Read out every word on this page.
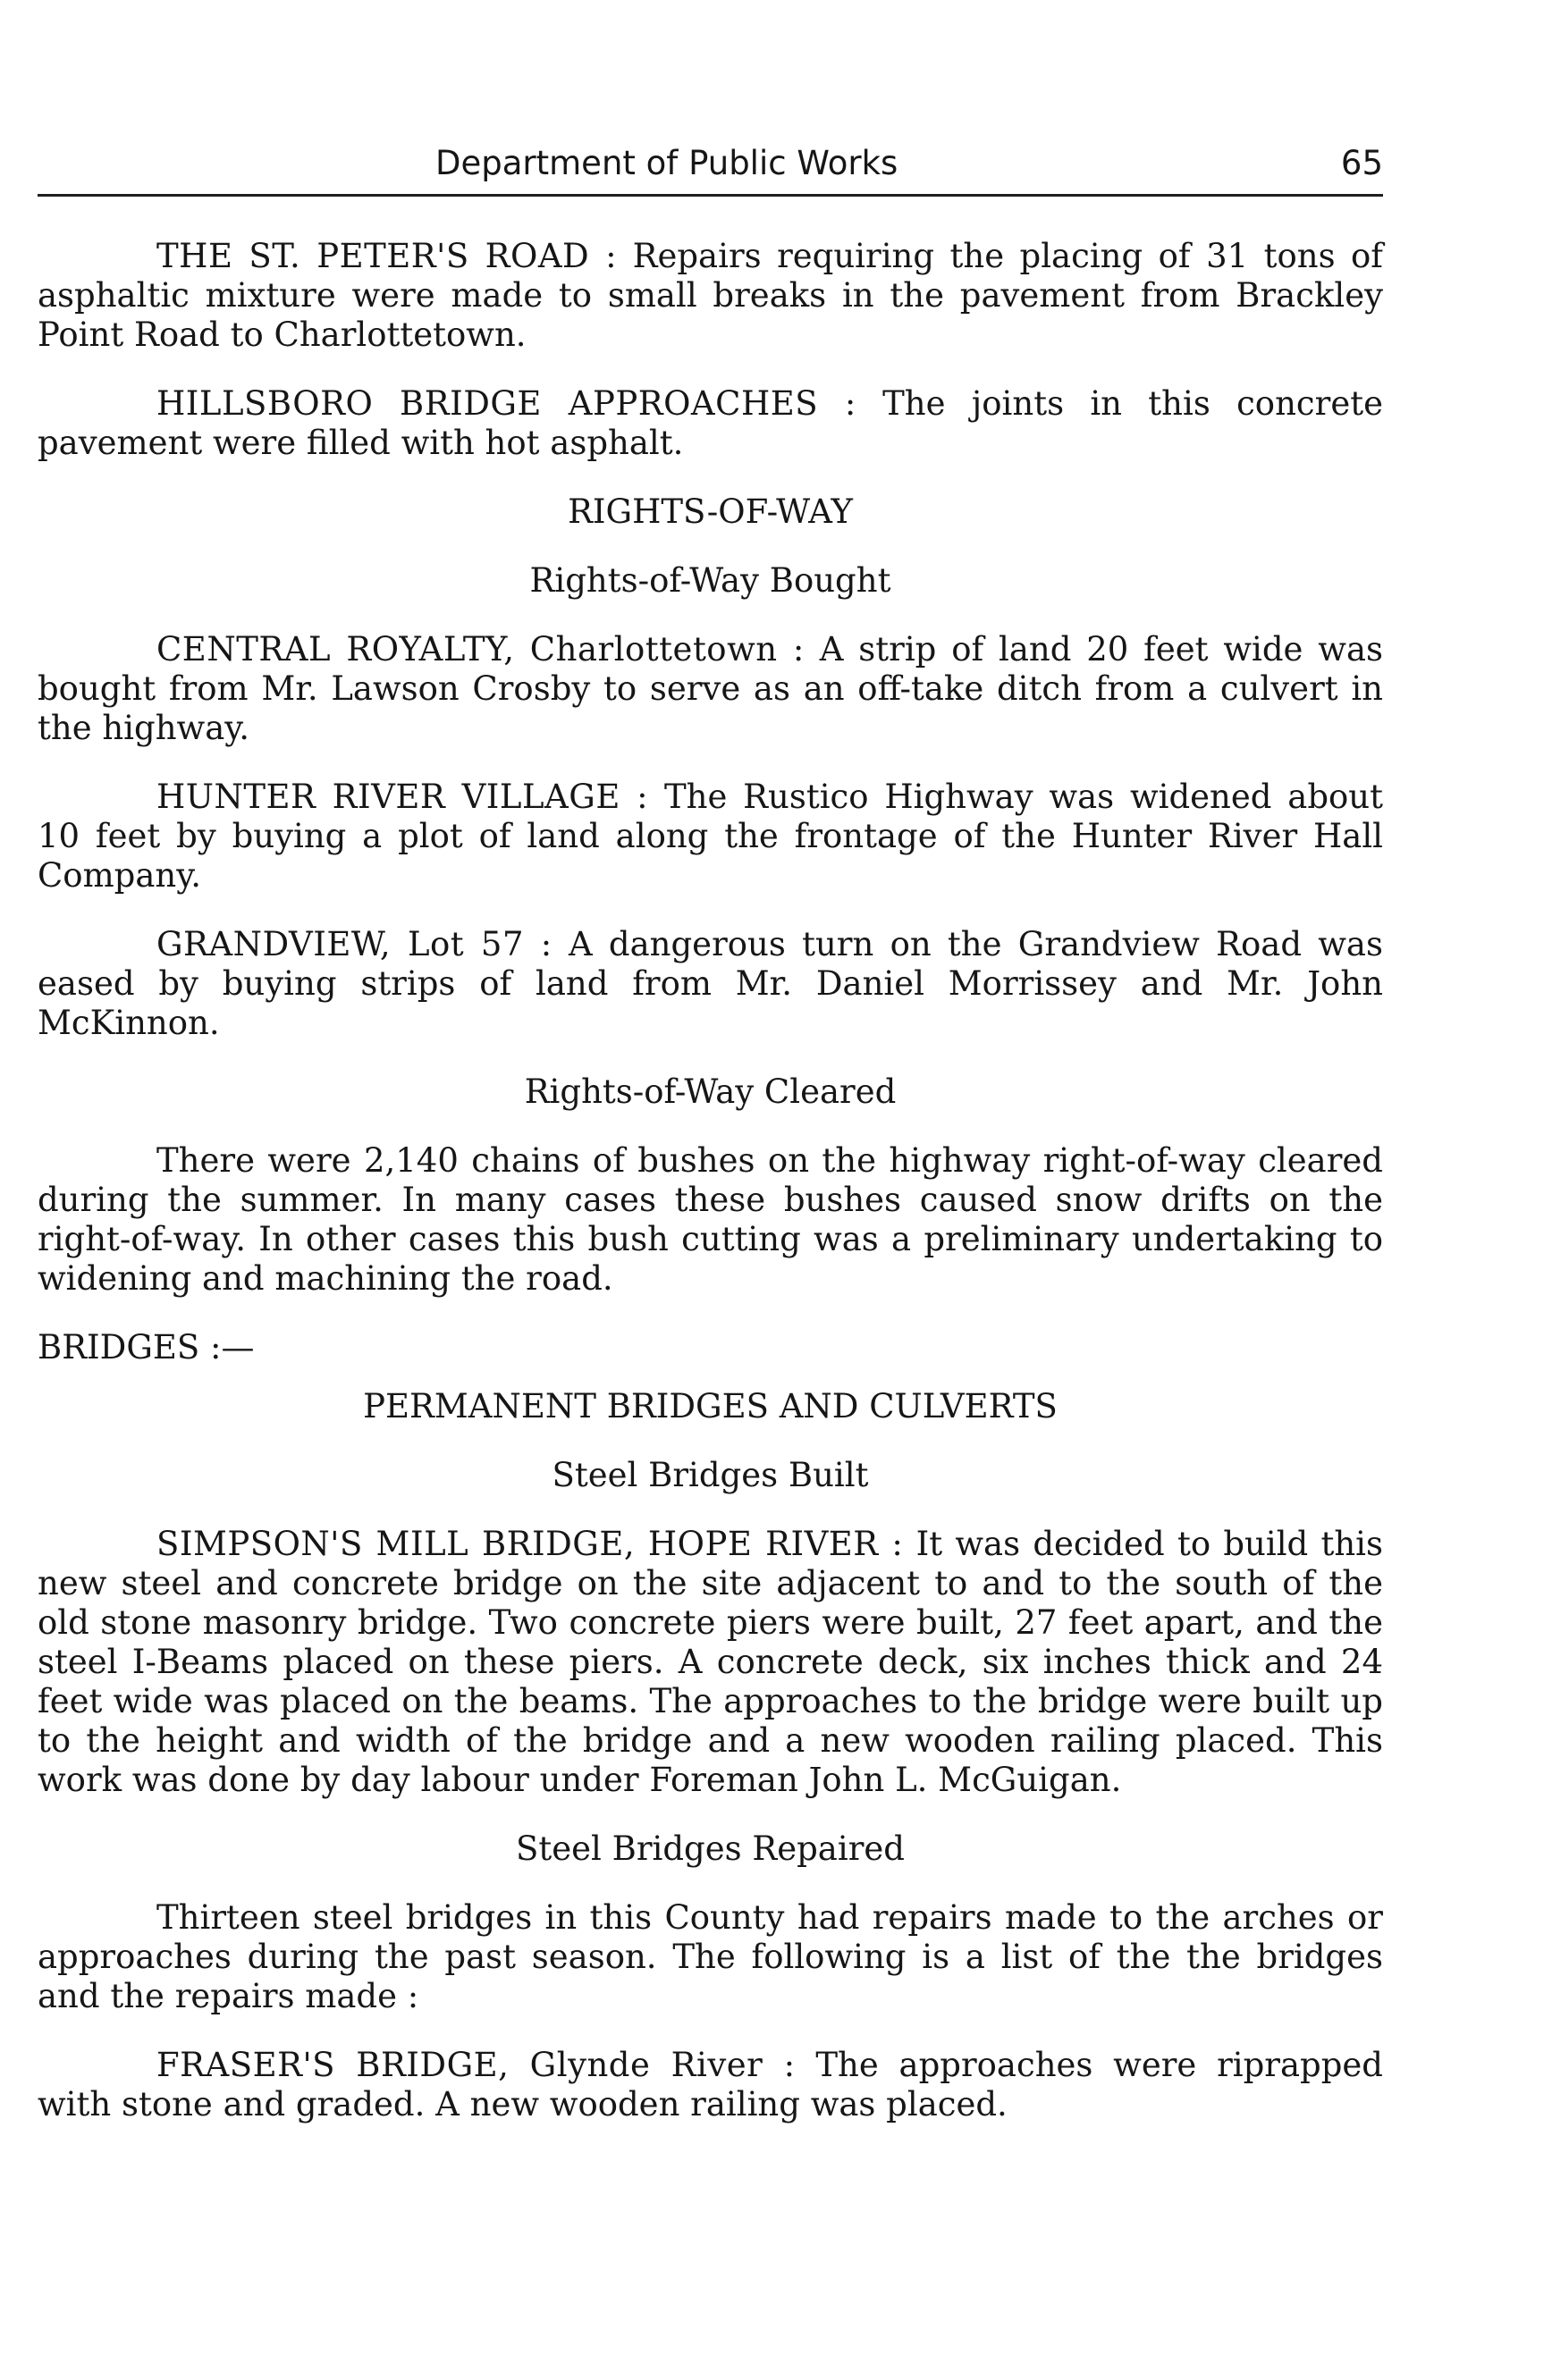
Department of Public Works	65

THE ST. PETER'S ROAD : Repairs requiring the placing of 31 tons of asphaltic mixture were made to small breaks in the pavement from Brackley Point Road to Charlottetown.

HILLSBORO BRIDGE APPROACHES : The joints in this concrete pavement were filled with hot asphalt.

RIGHTS-OF-WAY
Rights-of-Way Bought

CENTRAL ROYALTY, Charlottetown : A strip of land 20 feet wide was bought from Mr. Lawson Crosby to serve as an off-take ditch from a culvert in the highway.

HUNTER RIVER VILLAGE : The Rustico Highway was widened about 10 feet by buying a plot of land along the frontage of the Hunter River Hall Company.

GRANDVIEW, Lot 57 : A dangerous turn on the Grandview Road was eased by buying strips of land from Mr. Daniel Morrissey and Mr. John McKinnon.

Rights-of-Way Cleared

There were 2,140 chains of bushes on the highway right-of-way cleared during the summer. In many cases these bushes caused snow drifts on the right-of-way. In other cases this bush cutting was a preliminary undertaking to widening and machining the road.

BRIDGES :—

PERMANENT BRIDGES AND CULVERTS
Steel Bridges Built

SIMPSON'S MILL BRIDGE, HOPE RIVER : It was decided to build this new steel and concrete bridge on the site adjacent to and to the south of the old stone masonry bridge. Two concrete piers were built, 27 feet apart, and the steel I-Beams placed on these piers. A concrete deck, six inches thick and 24 feet wide was placed on the beams. The approaches to the bridge were built up to the height and width of the bridge and a new wooden railing placed. This work was done by day labour under Foreman John L. McGuigan.

Steel Bridges Repaired

Thirteen steel bridges in this County had repairs made to the arches or approaches during the past season. The following is a list of the the bridges and the repairs made :

FRASER'S BRIDGE, Glynde River : The approaches were riprapped with stone and graded. A new wooden railing was placed.
